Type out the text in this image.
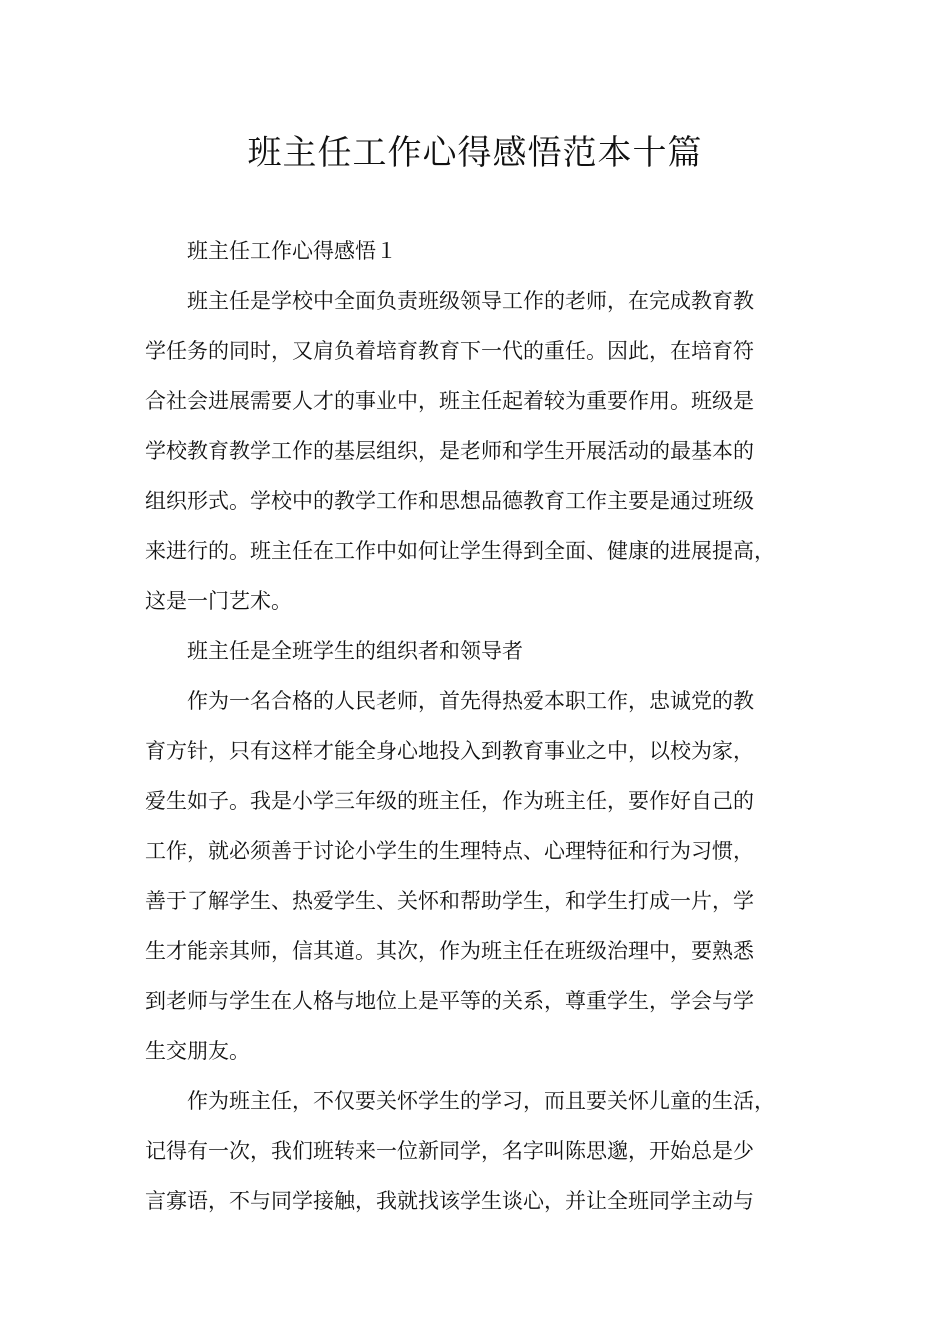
班主任工作心得感悟范本十篇

班主任工作心得感悟１

班主任是学校中全面负责班级领导工作的老师，在完成教育教
学任务的同时，又肩负着培育教育下一代的重任。因此，在培育符
合社会进展需要人才的事业中，班主任起着较为重要作用。班级是
学校教育教学工作的基层组织，是老师和学生开展活动的最基本的
组织形式。学校中的教学工作和思想品德教育工作主要是通过班级
来进行的。班主任在工作中如何让学生得到全面、健康的进展提高，
这是一门艺术。

班主任是全班学生的组织者和领导者

作为一名合格的人民老师，首先得热爱本职工作，忠诚党的教
育方针，只有这样才能全身心地投入到教育事业之中，以校为家，
爱生如子。我是小学三年级的班主任，作为班主任，要作好自己的
工作，就必须善于讨论小学生的生理特点、心理特征和行为习惯，
善于了解学生、热爱学生、关怀和帮助学生，和学生打成一片，学
生才能亲其师，信其道。其次，作为班主任在班级治理中，要熟悉
到老师与学生在人格与地位上是平等的关系，尊重学生，学会与学
生交朋友。

作为班主任，不仅要关怀学生的学习，而且要关怀儿童的生活，
记得有一次，我们班转来一位新同学，名字叫陈思邈，开始总是少
言寡语，不与同学接触，我就找该学生谈心，并让全班同学主动与
